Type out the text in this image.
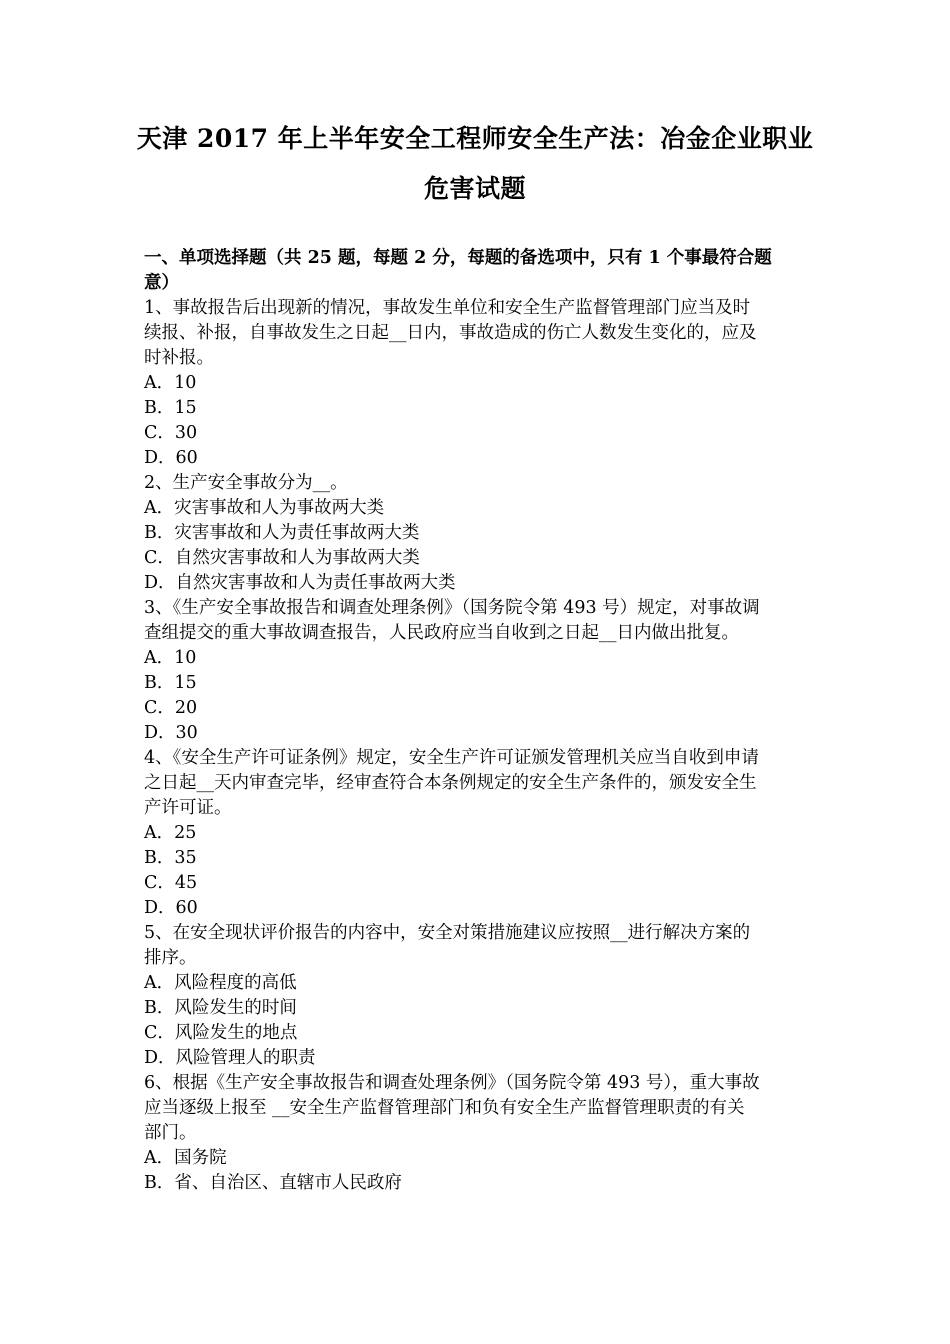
天津 2017 年上半年安全工程师安全生产法：冶金企业职业
危害试题

一、单项选择题（共 25 题，每题 2 分，每题的备选项中，只有 1 个事最符合题

意）

1、事故报告后出现新的情况，事故发生单位和安全生产监督管理部门应当及时

续报、补报，自事故发生之日起__日内，事故造成的伤亡人数发生变化的，应及

时补报。

A．10

B．15

C．30

D．60

2、生产安全事故分为__。

A．灾害事故和人为事故两大类

B．灾害事故和人为责任事故两大类

C．自然灾害事故和人为事故两大类

D．自然灾害事故和人为责任事故两大类

3、《生产安全事故报告和调查处理条例》（国务院令第 493 号）规定，对事故调

查组提交的重大事故调查报告，人民政府应当自收到之日起__日内做出批复。

A．10

B．15

C．20

D．30

4、《安全生产许可证条例》规定，安全生产许可证颁发管理机关应当自收到申请

之日起__天内审查完毕，经审查符合本条例规定的安全生产条件的，颁发安全生

产许可证。

A．25

B．35

C．45

D．60

5、在安全现状评价报告的内容中，安全对策措施建议应按照__进行解决方案的

排序。

A．风险程度的高低

B．风险发生的时间

C．风险发生的地点

D．风险管理人的职责

6、根据《生产安全事故报告和调查处理条例》（国务院令第 493 号），重大事故

应当逐级上报至 __安全生产监督管理部门和负有安全生产监督管理职责的有关

部门。

A．国务院

B．省、自治区、直辖市人民政府
